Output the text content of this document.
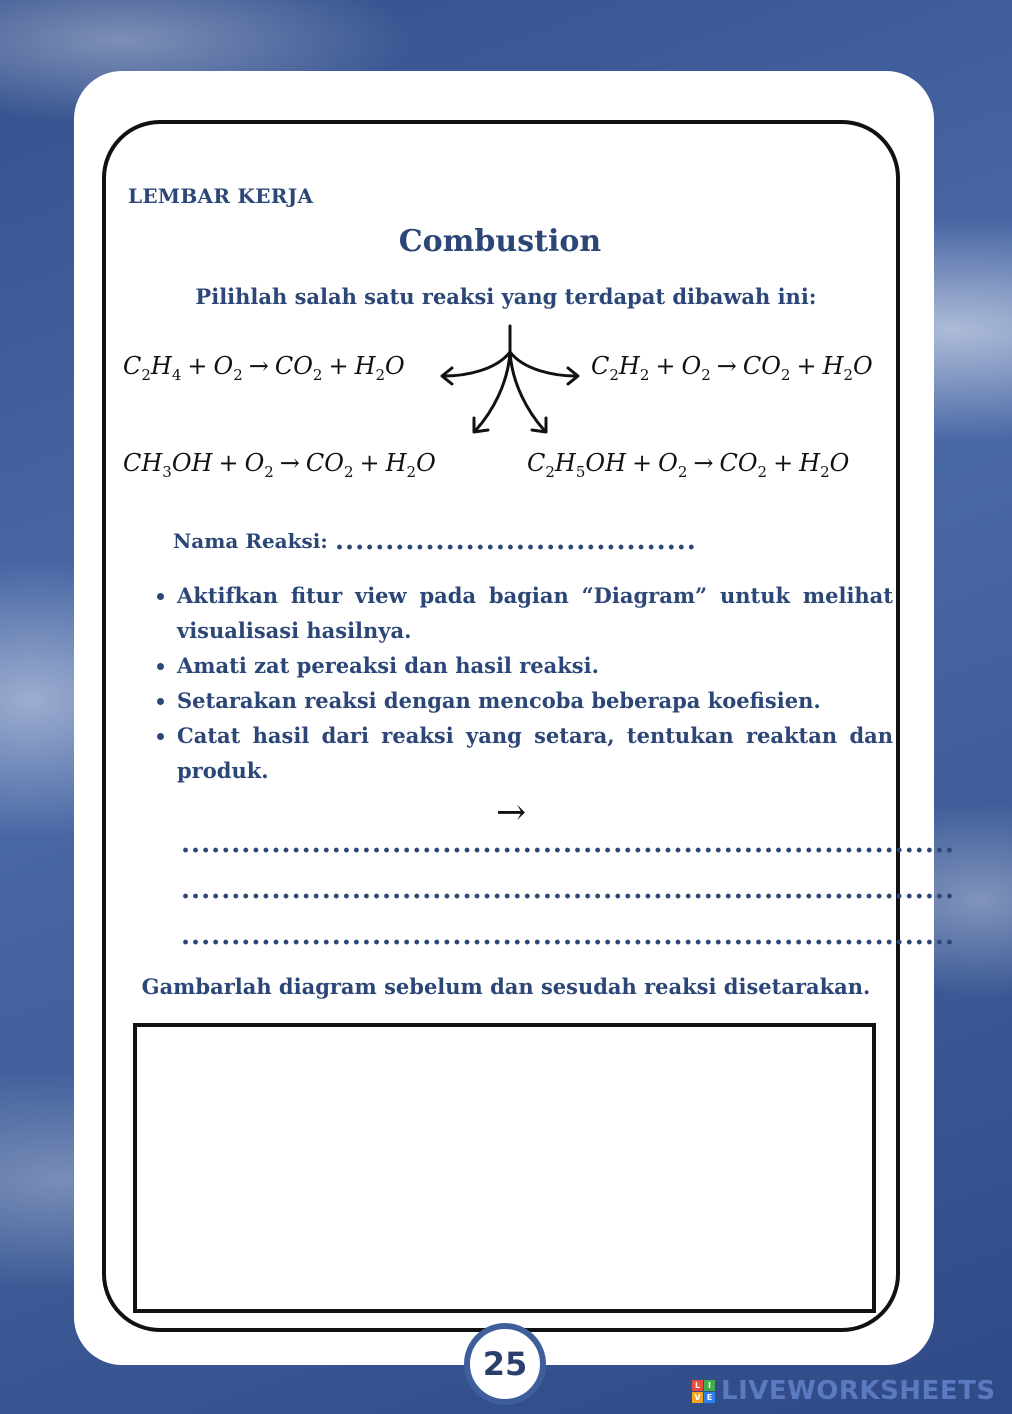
LEMBAR KERJA
Combustion
Pilihlah salah satu reaksi yang terdapat dibawah ini:
$C_2H_4 + O_2 \to CO_2 + H_2O$	$C_2H_2 + O_2 \to CO_2 + H_2O$
$CH_3OH + O_2 \to CO_2 + H_2O$	$C_2H_5OH + O_2 \to CO_2 + H_2O$
Nama Reaksi: ....................................
• Aktifkan fitur view pada bagian “Diagram” untuk melihat visualisasi hasilnya.
• Amati zat pereaksi dan hasil reaksi.
• Setarakan reaksi dengan mencoba beberapa koefisien.
• Catat hasil dari reaksi yang setara, tentukan reaktan dan produk.
→
.............................................................................
.............................................................................
.............................................................................
Gambarlah diagram sebelum dan sesudah reaksi disetarakan.
25
L I
V E LIVEWORKSHEETS
